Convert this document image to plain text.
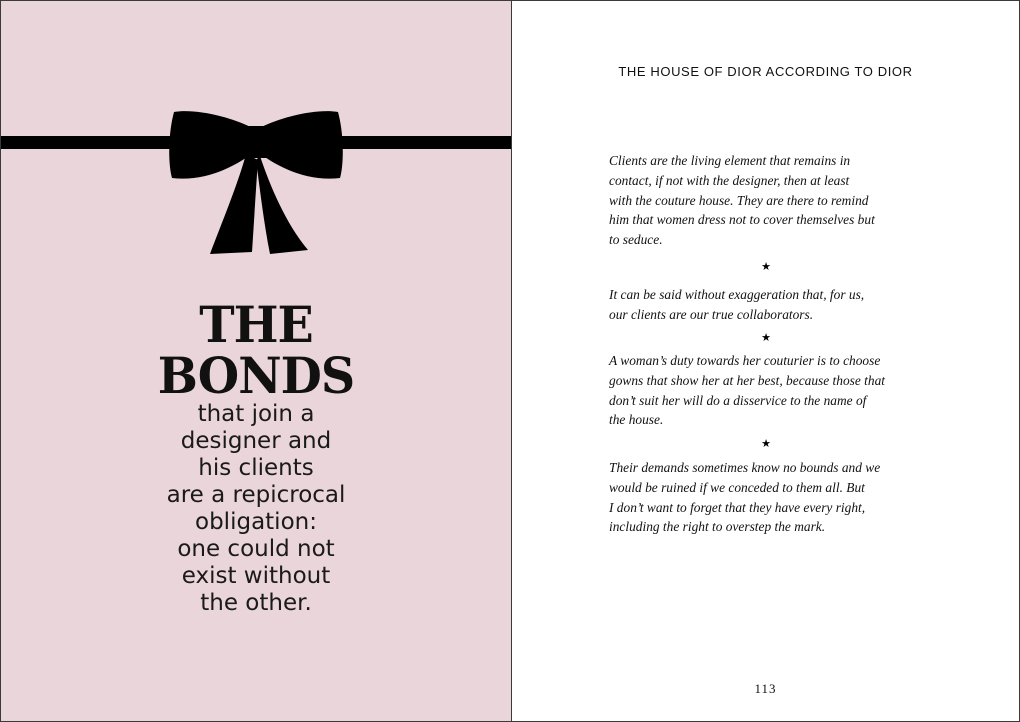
THE
BONDS
that join a
designer and
his clients
are a repicrocal
obligation:
one could not
exist without
the other.
THE HOUSE OF DIOR ACCORDING TO DIOR
Clients are the living element that remains in
contact, if not with the designer, then at least
with the couture house. They are there to remind
him that women dress not to cover themselves but
to seduce.
★
It can be said without exaggeration that, for us,
our clients are our true collaborators.
★
A woman’s duty towards her couturier is to choose
gowns that show her at her best, because those that
don’t suit her will do a disservice to the name of
the house.
★
Their demands sometimes know no bounds and we
would be ruined if we conceded to them all. But
I don’t want to forget that they have every right,
including the right to overstep the mark.
113
